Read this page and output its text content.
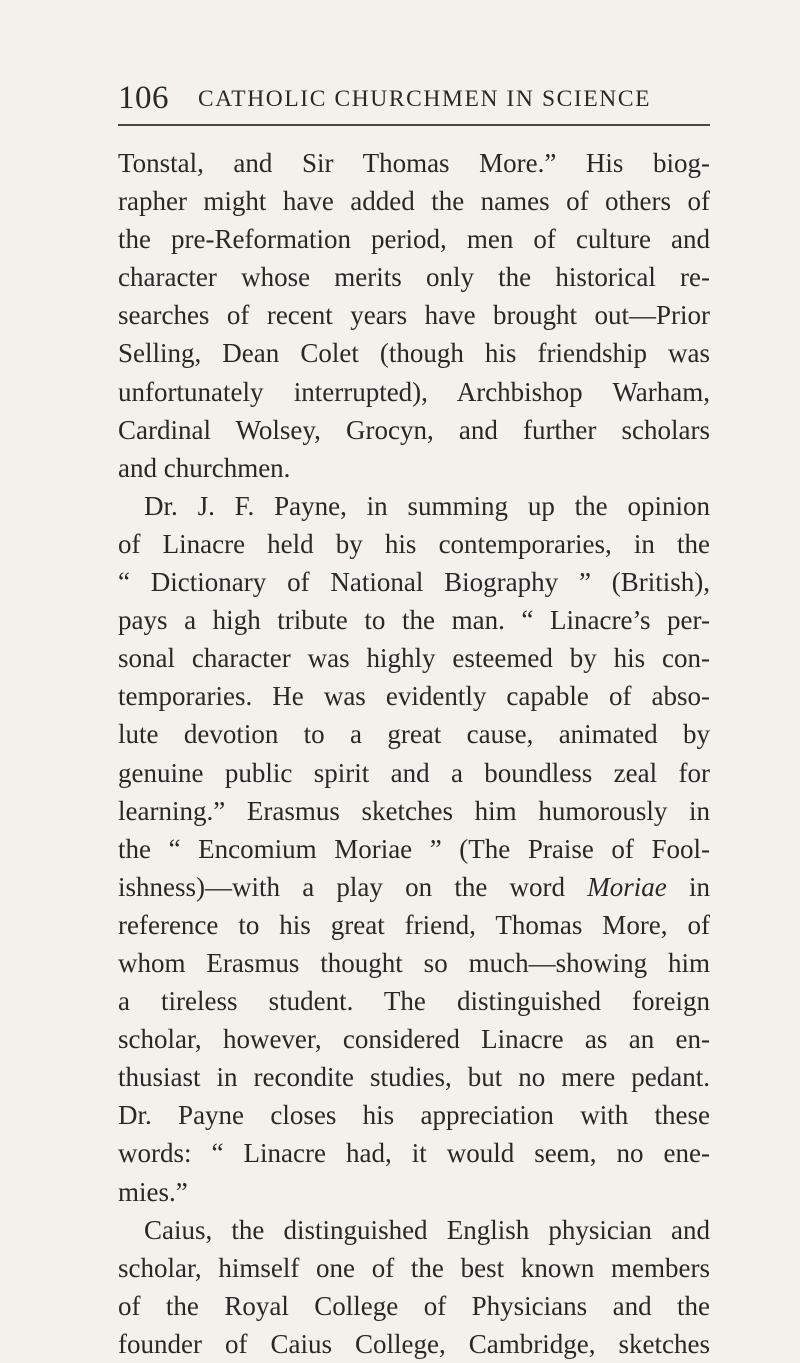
106 CATHOLIC CHURCHMEN IN SCIENCE
Tonstal, and Sir Thomas More.” His biog-
rapher might have added the names of others of
the pre-Reformation period, men of culture and
character whose merits only the historical re-
searches of recent years have brought out—Prior
Selling, Dean Colet (though his friendship was
unfortunately interrupted), Archbishop Warham,
Cardinal Wolsey, Grocyn, and further scholars
and churchmen.
Dr. J. F. Payne, in summing up the opinion
of Linacre held by his contemporaries, in the
“ Dictionary of National Biography ” (British),
pays a high tribute to the man. “ Linacre’s per-
sonal character was highly esteemed by his con-
temporaries. He was evidently capable of abso-
lute devotion to a great cause, animated by
genuine public spirit and a boundless zeal for
learning.” Erasmus sketches him humorously in
the “ Encomium Moriae ” (The Praise of Fool-
ishness)—with a play on the word Moriae in
reference to his great friend, Thomas More, of
whom Erasmus thought so much—showing him
a tireless student. The distinguished foreign
scholar, however, considered Linacre as an en-
thusiast in recondite studies, but no mere pedant.
Dr. Payne closes his appreciation with these
words: “ Linacre had, it would seem, no ene-
mies.”
Caius, the distinguished English physician and
scholar, himself one of the best known members
of the Royal College of Physicians and the
founder of Caius College, Cambridge, sketches
